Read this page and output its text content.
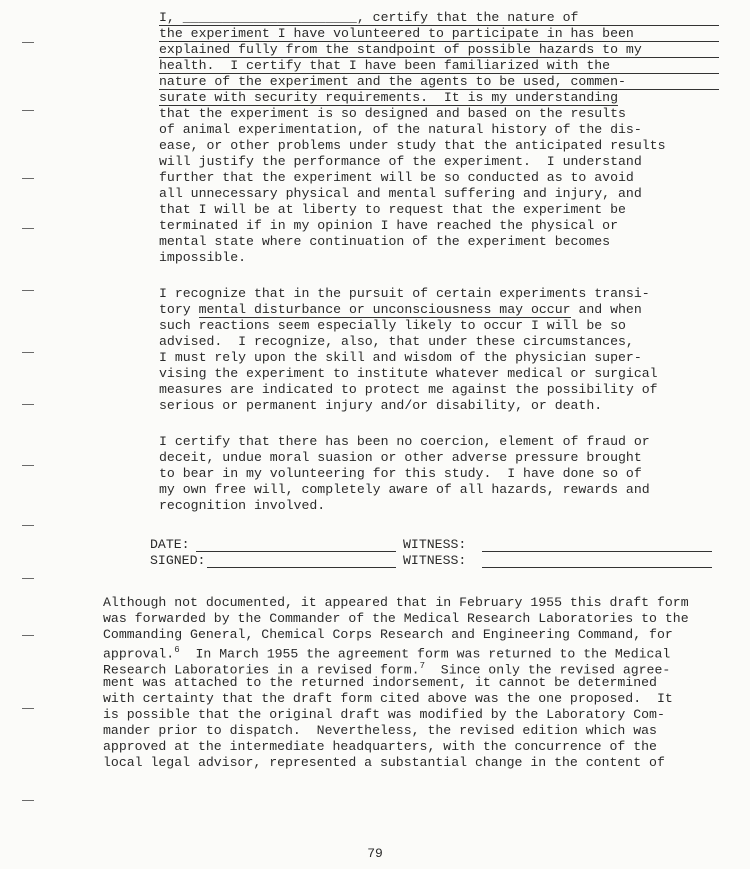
I, ______________________, certify that the nature of
the experiment I have volunteered to participate in has been
explained fully from the standpoint of possible hazards to my
health.  I certify that I have been familiarized with the
nature of the experiment and the agents to be used, commen-
surate with security requirements.  It is my understanding
that the experiment is so designed and based on the results
of animal experimentation, of the natural history of the dis-
ease, or other problems under study that the anticipated results
will justify the performance of the experiment.  I understand
further that the experiment will be so conducted as to avoid
all unnecessary physical and mental suffering and injury, and
that I will be at liberty to request that the experiment be
terminated if in my opinion I have reached the physical or
mental state where continuation of the experiment becomes
impossible.
I recognize that in the pursuit of certain experiments transi-
tory mental disturbance or unconsciousness may occur and when
such reactions seem especially likely to occur I will be so
advised.  I recognize, also, that under these circumstances,
I must rely upon the skill and wisdom of the physician super-
vising the experiment to institute whatever medical or surgical
measures are indicated to protect me against the possibility of
serious or permanent injury and/or disability, or death.
I certify that there has been no coercion, element of fraud or
deceit, undue moral suasion or other adverse pressure brought
to bear in my volunteering for this study.  I have done so of
my own free will, completely aware of all hazards, rewards and
recognition involved.
DATE:	WITNESS:
SIGNED:	WITNESS:
Although not documented, it appeared that in February 1955 this draft form
was forwarded by the Commander of the Medical Research Laboratories to the
Commanding General, Chemical Corps Research and Engineering Command, for
approval.$^6$  In March 1955 the agreement form was returned to the Medical
Research Laboratories in a revised form.$^7$  Since only the revised agree-
ment was attached to the returned indorsement, it cannot be determined
with certainty that the draft form cited above was the one proposed.  It
is possible that the original draft was modified by the Laboratory Com-
mander prior to dispatch.  Nevertheless, the revised edition which was
approved at the intermediate headquarters, with the concurrence of the
local legal advisor, represented a substantial change in the content of
79
